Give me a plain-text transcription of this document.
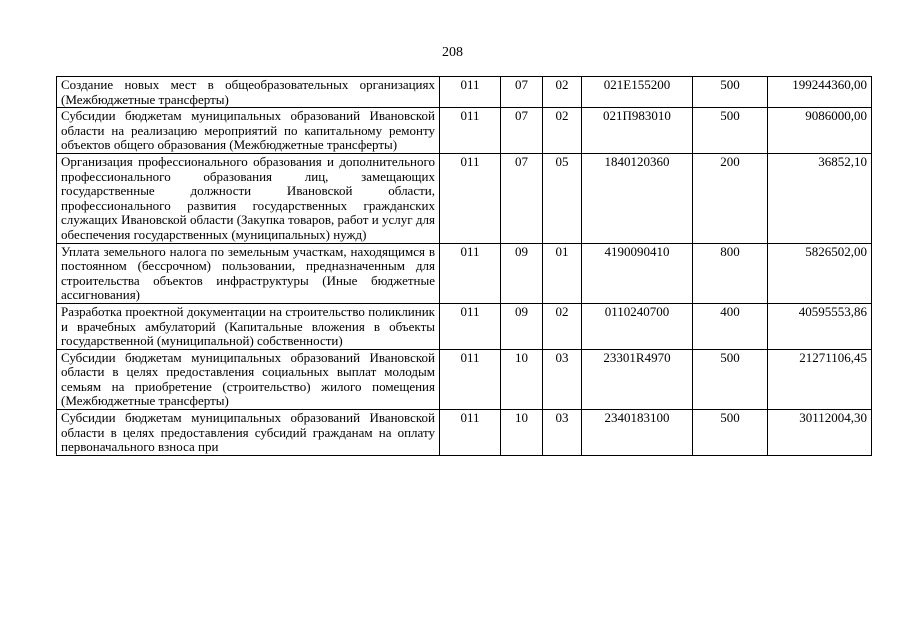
208
Создание новых мест в общеобразовательных организациях (Межбюджетные трансферты)	011	07	02	021E155200	500	199244360,00
Субсидии бюджетам муниципальных образований Ивановской области на реализацию мероприятий по капитальному ремонту объектов общего образования (Межбюджетные трансферты)	011	07	02	021П983010	500	9086000,00
Организация профессионального образования и дополнительного профессионального образования лиц, замещающих государственные должности Ивановской области, профессионального развития государственных гражданских служащих Ивановской области (Закупка товаров, работ и услуг для обеспечения государственных (муниципальных) нужд)	011	07	05	1840120360	200	36852,10
Уплата земельного налога по земельным участкам, находящимся в постоянном (бессрочном) пользовании, предназначенным для строительства объектов инфраструктуры (Иные бюджетные ассигнования)	011	09	01	4190090410	800	5826502,00
Разработка проектной документации на строительство поликлиник и врачебных амбулаторий (Капитальные вложения в объекты государственной (муниципальной) собственности)	011	09	02	0110240700	400	40595553,86
Субсидии бюджетам муниципальных образований Ивановской области в целях предоставления социальных выплат молодым семьям на приобретение (строительство) жилого помещения (Межбюджетные трансферты)	011	10	03	23301R4970	500	21271106,45
Субсидии бюджетам муниципальных образований Ивановской области в целях предоставления субсидий гражданам на оплату первоначального взноса при	011	10	03	2340183100	500	30112004,30
